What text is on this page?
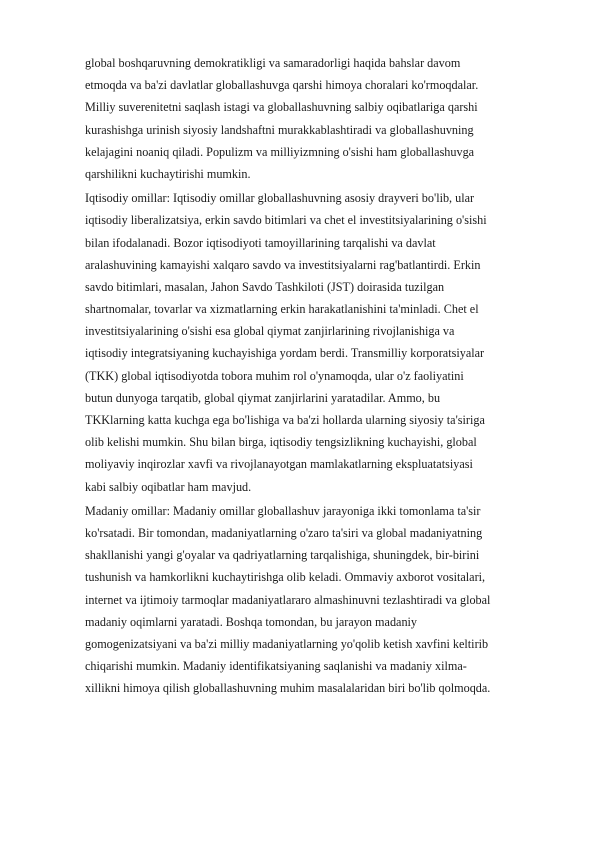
global boshqaruvning demokratikligi va samaradorligi haqida bahslar davom
etmoqda va ba'zi davlatlar globallashuvga qarshi himoya choralari ko'rmoqdalar.
Milliy suverenitetni saqlash istagi va globallashuvning salbiy oqibatlariga qarshi
kurashishga urinish siyosiy landshaftni murakkablashtiradi va globallashuvning
kelajagini noaniq qiladi. Populizm va milliyizmning o'sishi ham globallashuvga
qarshilikni kuchaytirishi mumkin.
Iqtisodiy omillar: Iqtisodiy omillar globallashuvning asosiy drayveri bo'lib, ular
iqtisodiy liberalizatsiya, erkin savdo bitimlari va chet el investitsiyalarining o'sishi
bilan ifodalanadi. Bozor iqtisodiyoti tamoyillarining tarqalishi va davlat
aralashuvining kamayishi xalqaro savdo va investitsiyalarni rag'batlantirdi. Erkin
savdo bitimlari, masalan, Jahon Savdo Tashkiloti (JST) doirasida tuzilgan
shartnomalar, tovarlar va xizmatlarning erkin harakatlanishini ta'minladi. Chet el
investitsiyalarining o'sishi esa global qiymat zanjirlarining rivojlanishiga va
iqtisodiy integratsiyaning kuchayishiga yordam berdi. Transmilliy korporatsiyalar
(TKK) global iqtisodiyotda tobora muhim rol o'ynamoqda, ular o'z faoliyatini
butun dunyoga tarqatib, global qiymat zanjirlarini yaratadilar. Ammo, bu
TKKlarning katta kuchga ega bo'lishiga va ba'zi hollarda ularning siyosiy ta'siriga
olib kelishi mumkin. Shu bilan birga, iqtisodiy tengsizlikning kuchayishi, global
moliyaviy inqirozlar xavfi va rivojlanayotgan mamlakatlarning ekspluatatsiyasi
kabi salbiy oqibatlar ham mavjud.
Madaniy omillar: Madaniy omillar globallashuv jarayoniga ikki tomonlama ta'sir
ko'rsatadi. Bir tomondan, madaniyatlarning o'zaro ta'siri va global madaniyatning
shakllanishi yangi g'oyalar va qadriyatlarning tarqalishiga, shuningdek, bir-birini
tushunish va hamkorlikni kuchaytirishga olib keladi. Ommaviy axborot vositalari,
internet va ijtimoiy tarmoqlar madaniyatlararo almashinuvni tezlashtiradi va global
madaniy oqimlarni yaratadi. Boshqa tomondan, bu jarayon madaniy
gomogenizatsiyani va ba'zi milliy madaniyatlarning yo'qolib ketish xavfini keltirib
chiqarishi mumkin. Madaniy identifikatsiyaning saqlanishi va madaniy xilma-
xillikni himoya qilish globallashuvning muhim masalalaridan biri bo'lib qolmoqda.
